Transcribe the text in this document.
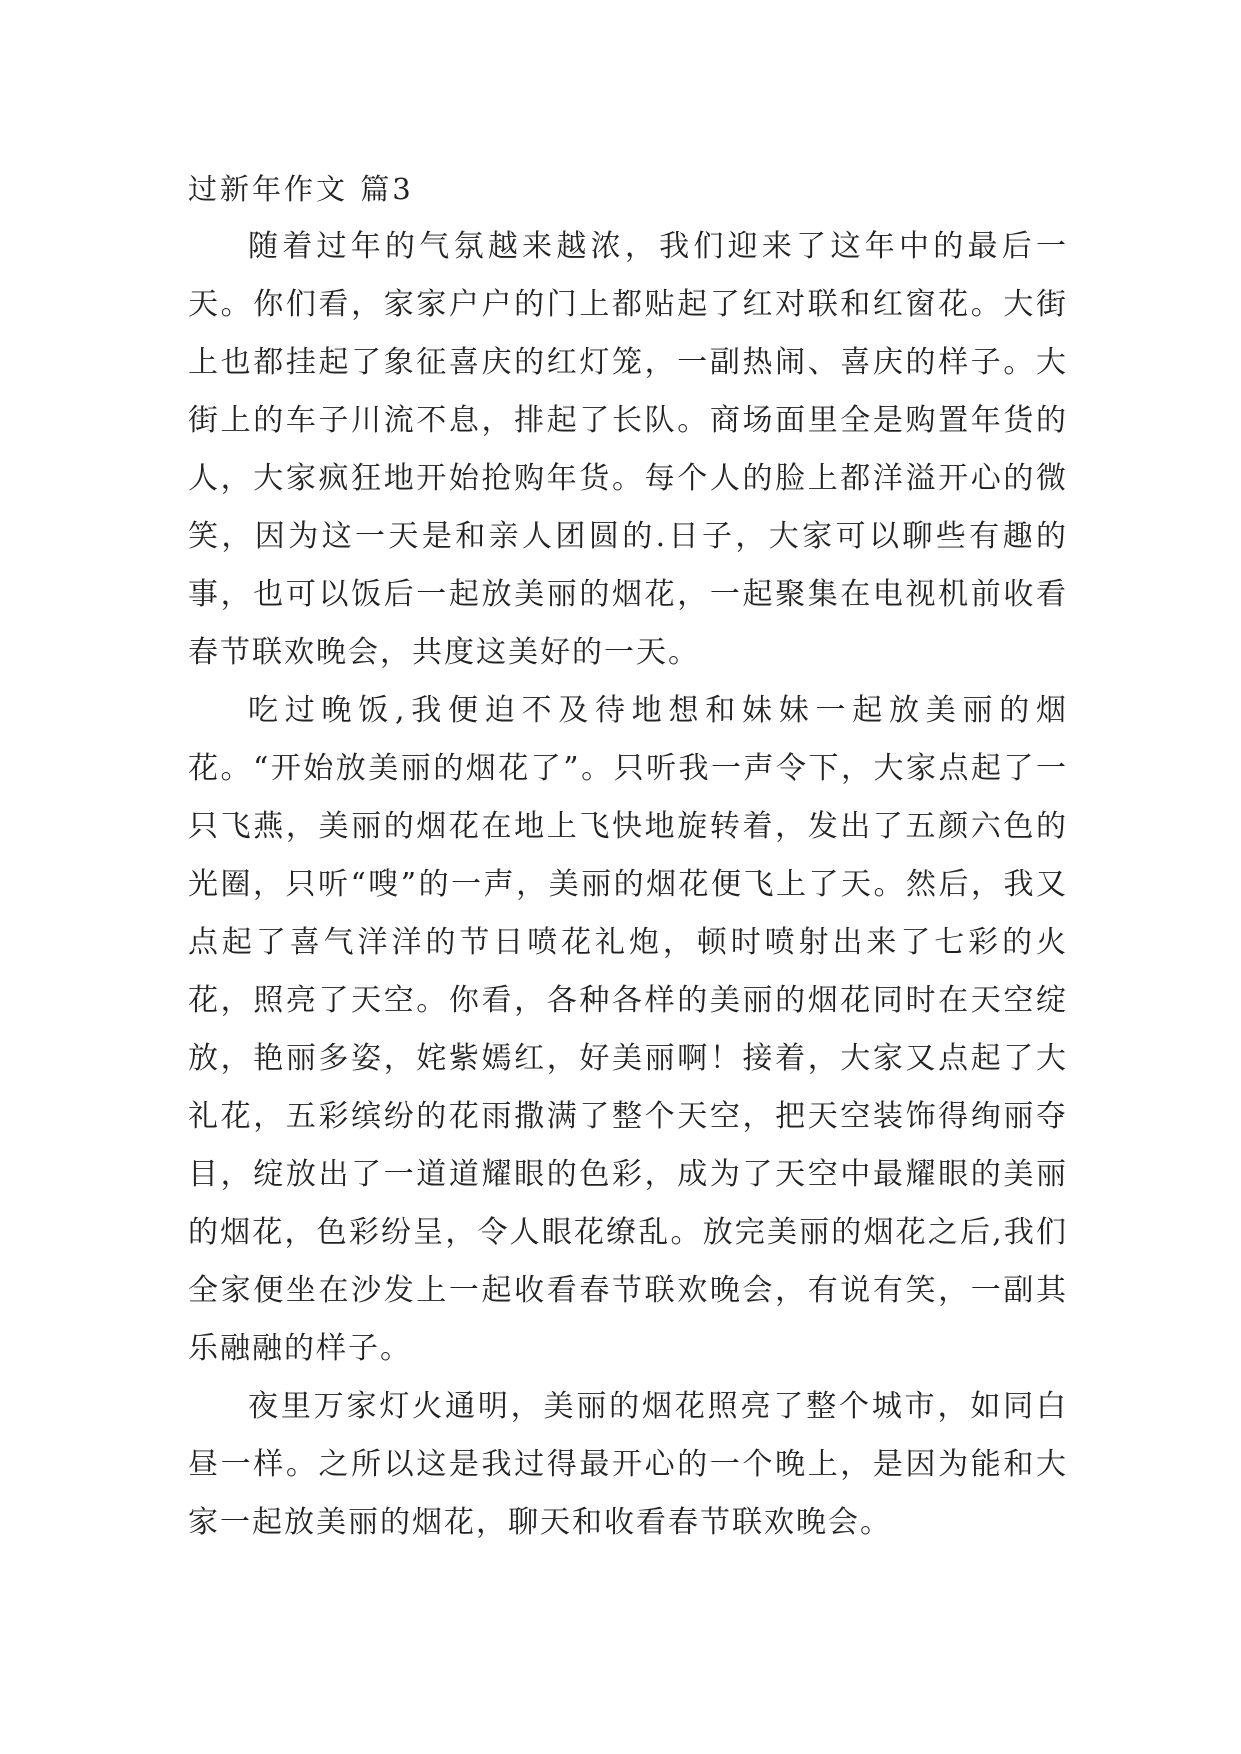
过新年作文 篇3

随着过年的气氛越来越浓，我们迎来了这年中的最后一天。你们看，家家户户的门上都贴起了红对联和红窗花。大街上也都挂起了象征喜庆的红灯笼，一副热闹、喜庆的样子。大街上的车子川流不息，排起了长队。商场面里全是购置年货的人，大家疯狂地开始抢购年货。每个人的脸上都洋溢开心的微笑，因为这一天是和亲人团圆的.日子，大家可以聊些有趣的事，也可以饭后一起放美丽的烟花，一起聚集在电视机前收看春节联欢晚会，共度这美好的一天。

吃过晚饭,我便迫不及待地想和妹妹一起放美丽的烟花。“开始放美丽的烟花了”。只听我一声令下，大家点起了一只飞燕，美丽的烟花在地上飞快地旋转着，发出了五颜六色的光圈，只听“嗖”的一声，美丽的烟花便飞上了天。然后，我又点起了喜气洋洋的节日喷花礼炮，顿时喷射出来了七彩的火花，照亮了天空。你看，各种各样的美丽的烟花同时在天空绽放，艳丽多姿，姹紫嫣红，好美丽啊！接着，大家又点起了大礼花，五彩缤纷的花雨撒满了整个天空，把天空装饰得绚丽夺目，绽放出了一道道耀眼的色彩，成为了天空中最耀眼的美丽的烟花，色彩纷呈，令人眼花缭乱。放完美丽的烟花之后,我们全家便坐在沙发上一起收看春节联欢晚会，有说有笑，一副其乐融融的样子。

夜里万家灯火通明，美丽的烟花照亮了整个城市，如同白昼一样。之所以这是我过得最开心的一个晚上，是因为能和大家一起放美丽的烟花，聊天和收看春节联欢晚会。
